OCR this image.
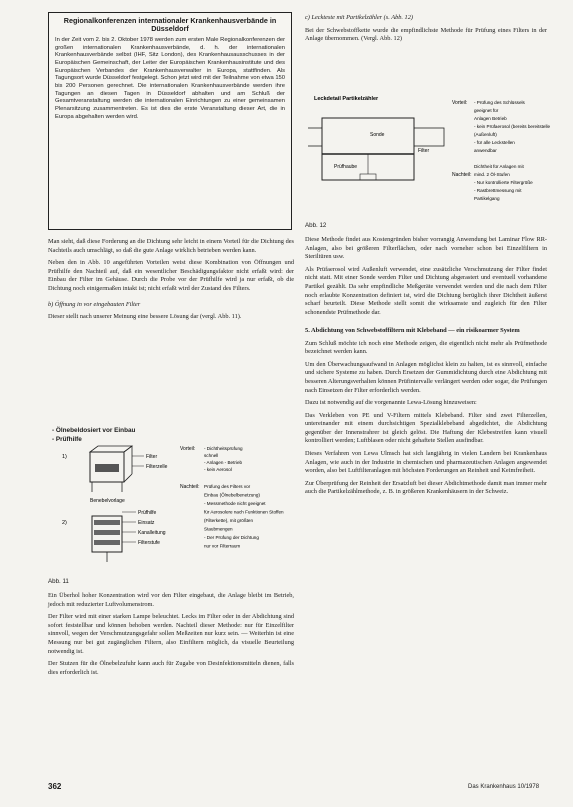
Regionalkonferenzen internationaler Krankenhausverbände in Düsseldorf
In der Zeit vom 2. bis 2. Oktober 1978 werden zum ersten Male Regionalkonferenzen der großen internationalen Krankenhausverbände, d. h. der internationalen Krankenhausverbände selbst (IHF, Sitz London), des Krankenhausausschusses in der Europäischen Gemeinschaft, der Leiter der Europäischen Krankenhausinstitute und des Europäischen Verbandes der Krankenhausverwalter in Europa, stattfinden. Als Tagungsort wurde Düsseldorf festgelegt. Schon jetzt wird mit der Teilnahme von etwa 150 bis 200 Personen gerechnet. Die internationalen Krankenhausverbände werden ihre Tagungen an diesen Tagen in Düsseldorf abhalten und am Schluß der Gesamtveranstaltung werden die internationalen Einrichtungen zu einer gemeinsamen Plenarsitzung zusammentreten. Es ist dies die erste Veranstaltung dieser Art, die in Europa abgehalten werden wird.

Man sieht, daß diese Forderung an die Dichtung sehr leicht in einem Vorteil für die Dichtung des Nachteils auch umschlägt, so daß die gute Anlage wirklich betrieben werden kann.

Neben den in Abb. 10 angeführten Vorteilen weist diese Kombination von Öffnungen und Prüfhilfe den Nachteil auf, daß ein wesentlicher Beschädigungsfaktor nicht erfaßt wird: der Einbau der Filter im Gehäuse. Durch die Probe vor der Prüfhilfe wird ja nur erfaßt, ob die Dichtung noch einigermaßen intakt ist; nicht erfaßt wird der Zustand des Filters.

b) Öffnung in vor eingebauten Filter

Dieser stellt nach unserer Meinung eine bessere Lösung dar (vergl. Abb. 11).

- Ölnebeldosiert vor Einbau
- Prüfhilfe
1)	Filter
Filterzelle
Benebelvorlage
2)
Prüfhilfe
Einsatz
Kanalleitung
Filterstufe
Vorteil:
Nachteil:
- Dichtheitsprüfung
schnell
- Anlagen - Betrieb
- kein Aerosol
Prüfung des Filters vor
Einbau (Ölnebelbenetzung)
- Messmethode nicht geeignet
für Aerosolere nach Funktionen Stoffen
(Filterkette), mit größten
Staubmengen
- Der Prüfung der Dichtung
nur vor Filterraum
Abb. 11

Ein Überhol hoher Konzentration wird vor den Filter eingebaut, die Anlage bleibt im Betrieb, jedoch mit reduzierter Luftvolumenstrom.

Der Filter wird mit einer starken Lampe beleuchtet. Lecks im Filter oder in der Abdichtung sind sofort feststellbar und können behoben werden. Nachteil dieser Methode: nur für Einzelfilter sinnvoll, wegen der Verschmutzungsgefahr sollen Meßzeiten nur kurz sein. — Weiterhin ist eine Messung nur bei gut zugänglichen Filtern, also Einfiltern möglich, da visuelle Beurteilung notwendig ist.

Der Stutzen für die Ölnebelzufuhr kann auch für Zugabe von Desinfektionsmitteln dienen, falls dies erforderlich ist.

c) Leckteste mit Partikelzähler (s. Abb. 12)

Bei der Schwebstoffkette wurde die empfindlichste Methode für Prüfung eines Filters in der Anlage übernommen. (Vergl. Abb. 12)

Leckdetail Partikelzähler
Sonde
Prüfhaube
Filter
Vorteil:
Nachteil:
- Prüfung des Schlüssels
geeignet für
Anlagen Betrieb
- kein Prüfaerosol (bereits bereitstellen)
(Außenluft)
- für alle Leckstellen
anwendbar
Dichtheit für Anlagen mit
mind. 2 Öl-Stufen
- Nur kontrollierte Filtergröße
- Rastbrettmessung mit
Partikelgang
Abb. 12

Diese Methode findet aus Kostengründen bisher vorrangig Anwendung bei Laminar Flow RR-Anlagen, also bei größeren Filterflächen, oder nach vorneher schon bei Einzelfiltern in Steriltüren usw.

Als Prüfaerosol wird Außenluft verwendet, eine zusätzliche Verschmutzung der Filter findet nicht statt. Mit einer Sonde werden Filter und Dichtung abgerastert und eventuell vorhandene Partikel gezählt. Da sehr empfindliche Meßgeräte verwendet werden und die nach dem Filter noch erlaubte Konzentration definiert ist, wird die Dichtung berüglich ihrer Dichtheit äußerst scharf beurteilt. Diese Methode stellt somit die wirksamste und zugleich für den Filter schonendste Prüfmethode dar.

5. Abdichtung von Schwebstoffiltern mit Klebeband — ein risikoarmer System

Zum Schluß möchte ich noch eine Methode zeigen, die eigentlich nicht mehr als Prüfmethode bezeichnet werden kann.

Um den Überwachungsaufwand in Anlagen möglichst klein zu halten, ist es sinnvoll, einfache und sichere Systeme zu haben. Durch Ersetzen der Gummidichtung durch eine Abdichtung mit besseren Alterungsverhalten können Prüfintervalle verlängert werden oder sogar, die Prüfungen nach Einsetzen der Filter erforderlich werden.

Dazu ist notwendig auf die vorgenannte Lewa-Lösung hinzuweisen:

Das Verkleben von PE und V-Filtern mittels Klebeband. Filter sind zwei Filterzellen, untereinander mit einem durchsichtigen Spezialklebeband abgedichtet, die Abdichtung gegenüber der Innenstrahrer ist gleich gelöst. Die Haftung der Klebestreifen kann visuell kontrolliert werden; Luftblasen oder nicht gehaftete Stellen ausfindbar.

Dieses Verfahren von Lewa Ulmsch hat sich langjährig in vielen Landern bei Krankenhaus Anlagen, wie auch in der Industrie in chemischen und pharmazeutischen Anlagen angewendet worden, also bei Luftfilteranlagen mit höchsten Forderungen an Reinheit und Keimfreiheit.

Zur Überprüfung der Reinheit der Ersatzluft bei dieser Abdichtmethode damit man immer mehr auch die Partikelzählmethode, z. B. in größeren Krankenhäusern in der Schweiz.

362	Das Krankenhaus 10/1978
